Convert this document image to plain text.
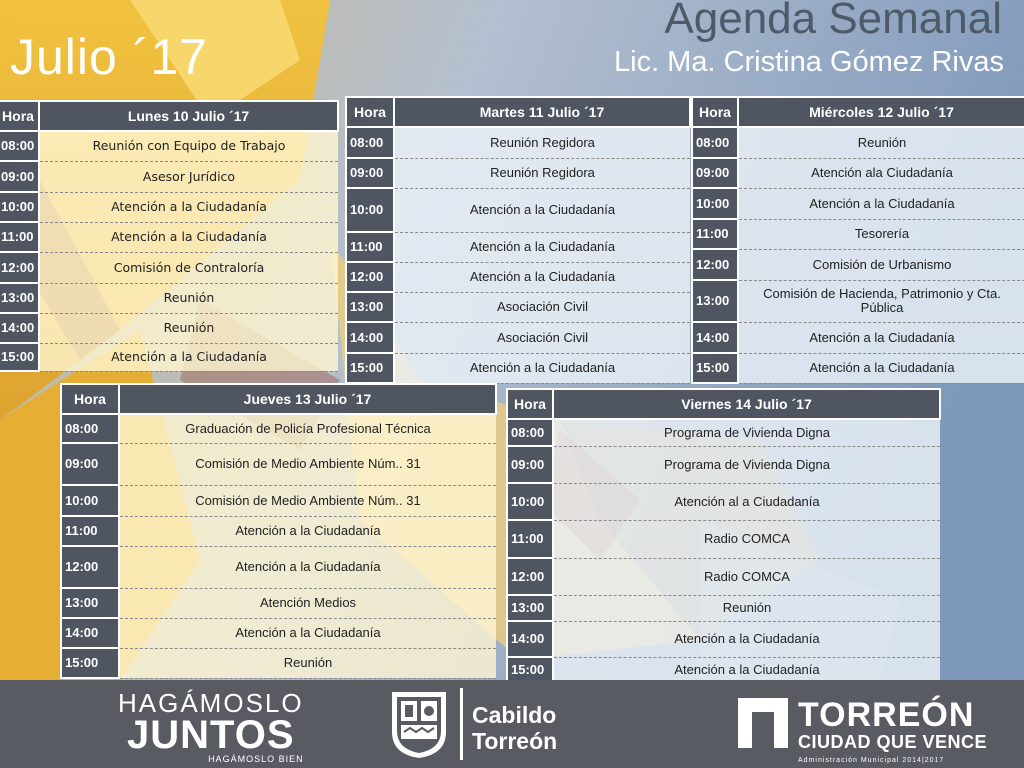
Julio ´17
Agenda Semanal
Lic. Ma. Cristina Gómez Rivas
Hora	Lunes 10 Julio ´17
08:00	Reunión con Equipo de Trabajo
09:00	Asesor Jurídico
10:00	Atención a la Ciudadanía
11:00	Atención a la Ciudadanía
12:00	Comisión de Contraloría
13:00	Reunión
14:00	Reunión
15:00	Atención a la Ciudadanía
Hora	Martes 11 Julio ´17
08:00	Reunión Regidora
09:00	Reunión Regidora
10:00	Atención a la Ciudadanía
11:00	Atención a la Ciudadanía
12:00	Atención a la Ciudadanía
13:00	Asociación Civil
14:00	Asociación Civil
15:00	Atención a la Ciudadanía
Hora	Miércoles 12 Julio ´17
08:00	Reunión
09:00	Atención ala Ciudadanía
10:00	Atención a la Ciudadanía
11:00	Tesorería
12:00	Comisión de Urbanismo
13:00	Comisión de Hacienda, Patrimonio y Cta. Pública
14:00	Atención a la Ciudadanía
15:00	Atención a la Ciudadanía
Hora	Jueves 13 Julio ´17
08:00	Graduación de Policía Profesional Técnica
09:00	Comisión de Medio Ambiente Núm.. 31
10:00	Comisión de Medio Ambiente Núm.. 31
11:00	Atención a la Ciudadanía
12:00	Atención a la Ciudadanía
13:00	Atención Medios
14:00	Atención a la Ciudadanía
15:00	Reunión
Hora	Viernes 14 Julio ´17
08:00	Programa de Vivienda Digna
09:00	Programa de Vivienda Digna
10:00	Atención al a Ciudadanía
11:00	Radio COMCA
12:00	Radio COMCA
13:00	Reunión
14:00	Atención a la Ciudadanía
15:00	Atención a la Ciudadanía
HAGÁMOSLO
JUNTOS
HAGÁMOSLO BIEN
Cabildo
Torreón
TORREÓN
CIUDAD QUE VENCE
Administración Municipal 2014|2017
